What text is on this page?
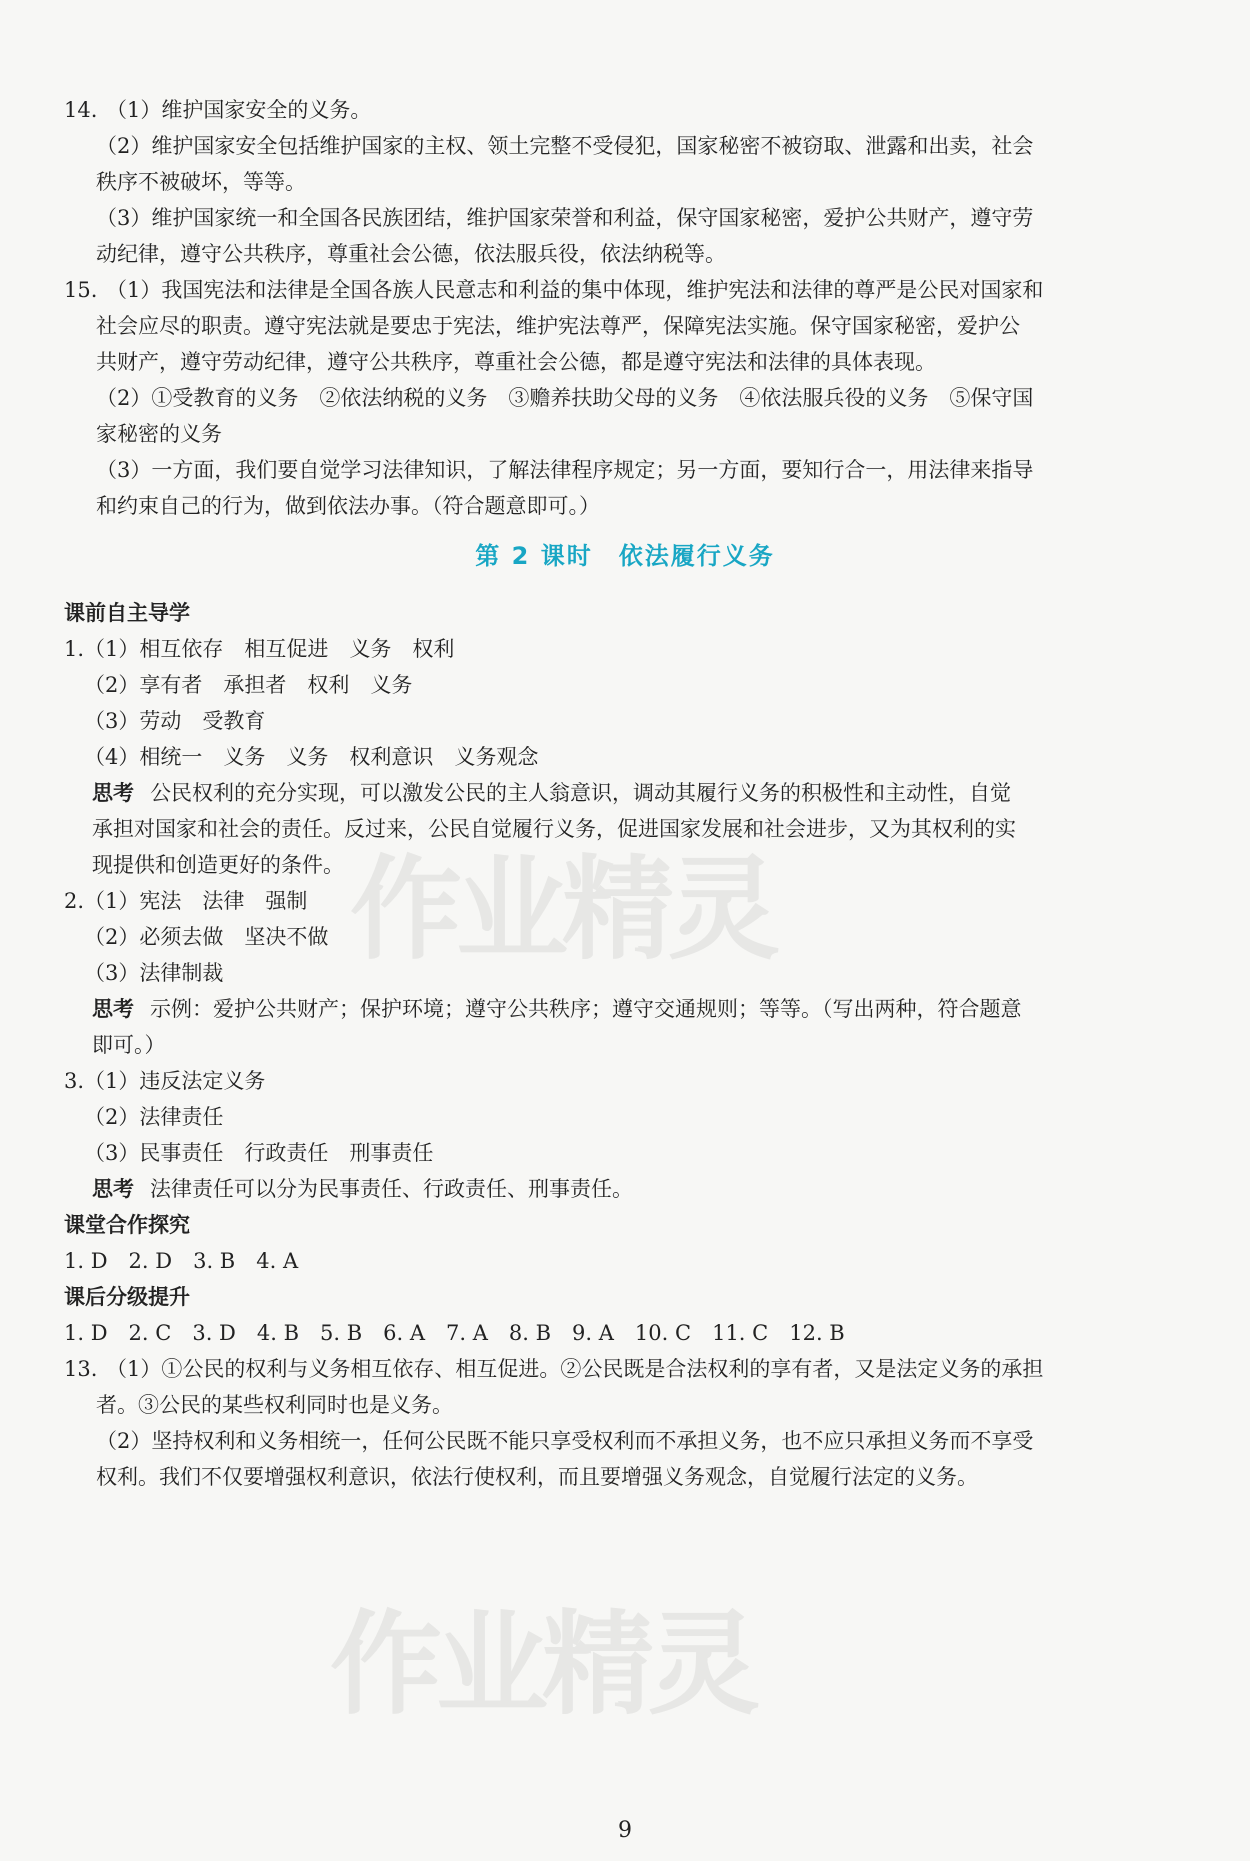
作业精灵
作业精灵
14. （1）维护国家安全的义务。
（2）维护国家安全包括维护国家的主权、领土完整不受侵犯，国家秘密不被窃取、泄露和出卖，社会
秩序不被破坏，等等。
（3）维护国家统一和全国各民族团结，维护国家荣誉和利益，保守国家秘密，爱护公共财产，遵守劳
动纪律，遵守公共秩序，尊重社会公德，依法服兵役，依法纳税等。
15. （1）我国宪法和法律是全国各族人民意志和利益的集中体现，维护宪法和法律的尊严是公民对国家和
社会应尽的职责。遵守宪法就是要忠于宪法，维护宪法尊严，保障宪法实施。保守国家秘密，爱护公
共财产，遵守劳动纪律，遵守公共秩序，尊重社会公德，都是遵守宪法和法律的具体表现。
（2）①受教育的义务　②依法纳税的义务　③赡养扶助父母的义务　④依法服兵役的义务　⑤保守国
家秘密的义务
（3）一方面，我们要自觉学习法律知识，了解法律程序规定；另一方面，要知行合一，用法律来指导
和约束自己的行为，做到依法办事。（符合题意即可。）
第 2 课时　依法履行义务
课前自主导学
1. （1）相互依存　相互促进　义务　权利
（2）享有者　承担者　权利　义务
（3）劳动　受教育
（4）相统一　义务　义务　权利意识　义务观念
思考 公民权利的充分实现，可以激发公民的主人翁意识，调动其履行义务的积极性和主动性，自觉
承担对国家和社会的责任。反过来，公民自觉履行义务，促进国家发展和社会进步，又为其权利的实
现提供和创造更好的条件。
2. （1）宪法　法律　强制
（2）必须去做　坚决不做
（3）法律制裁
思考 示例：爱护公共财产；保护环境；遵守公共秩序；遵守交通规则；等等。（写出两种，符合题意
即可。）
3. （1）违反法定义务
（2）法律责任
（3）民事责任　行政责任　刑事责任
思考 法律责任可以分为民事责任、行政责任、刑事责任。
课堂合作探究
1. D　2. D　3. B　4. A
课后分级提升
1. D　2. C　3. D　4. B　5. B　6. A　7. A　8. B　9. A　10. C　11. C　12. B
13. （1）①公民的权利与义务相互依存、相互促进。②公民既是合法权利的享有者，又是法定义务的承担
者。③公民的某些权利同时也是义务。
（2）坚持权利和义务相统一，任何公民既不能只享受权利而不承担义务，也不应只承担义务而不享受
权利。我们不仅要增强权利意识，依法行使权利，而且要增强义务观念，自觉履行法定的义务。
9
